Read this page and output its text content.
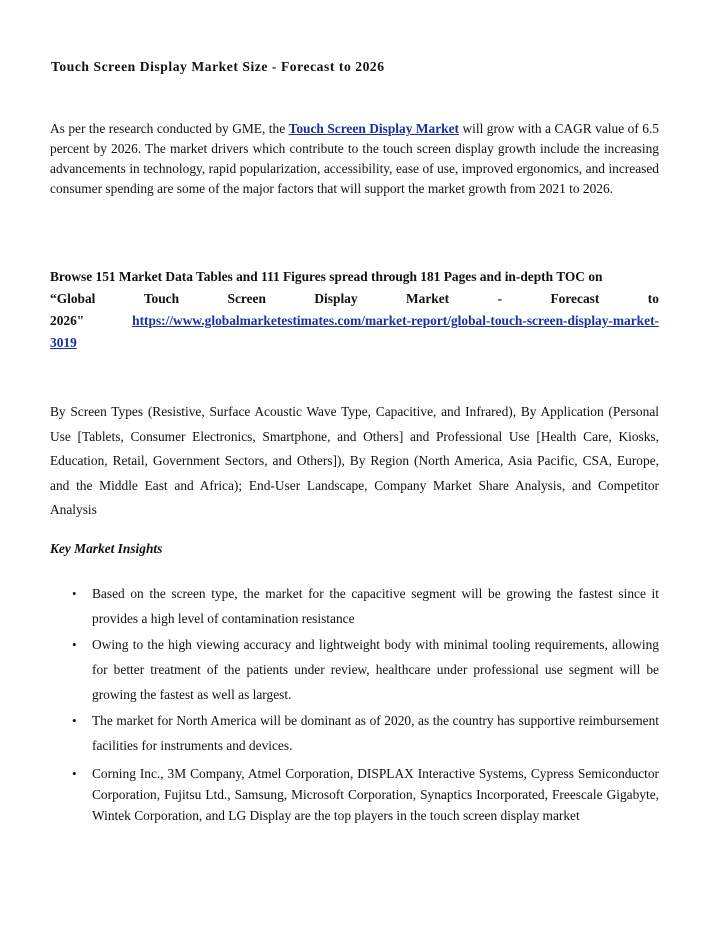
Touch Screen Display Market Size - Forecast to 2026

As per the research conducted by GME, the Touch Screen Display Market will grow with a CAGR value of 6.5 percent by 2026. The market drivers which contribute to the touch screen display growth include the increasing advancements in technology, rapid popularization, accessibility, ease of use, improved ergonomics, and increased consumer spending are some of the major factors that will support the market growth from 2021 to 2026.

Browse 151 Market Data Tables and 111 Figures spread through 181 Pages and in-depth TOC on
“Global	Touch	Screen	Display	Market	-	Forecast	to
2026"	https://www.globalmarketestimates.com/market-report/global-touch-screen-display-market-
3019

By Screen Types (Resistive, Surface Acoustic Wave Type, Capacitive, and Infrared), By Application (Personal Use [Tablets, Consumer Electronics, Smartphone, and Others] and Professional Use [Health Care, Kiosks, Education, Retail, Government Sectors, and Others]), By Region (North America, Asia Pacific, CSA, Europe, and the Middle East and Africa); End-User Landscape, Company Market Share Analysis, and Competitor Analysis

Key Market Insights

• Based on the screen type, the market for the capacitive segment will be growing the fastest since it provides a high level of contamination resistance
• Owing to the high viewing accuracy and lightweight body with minimal tooling requirements, allowing for better treatment of the patients under review, healthcare under professional use segment will be growing the fastest as well as largest.
• The market for North America will be dominant as of 2020, as the country has supportive reimbursement facilities for instruments and devices.
• Corning Inc., 3M Company, Atmel Corporation, DISPLAX Interactive Systems, Cypress Semiconductor Corporation, Fujitsu Ltd., Samsung, Microsoft Corporation, Synaptics Incorporated, Freescale Gigabyte, Wintek Corporation, and LG Display are the top players in the touch screen display market
